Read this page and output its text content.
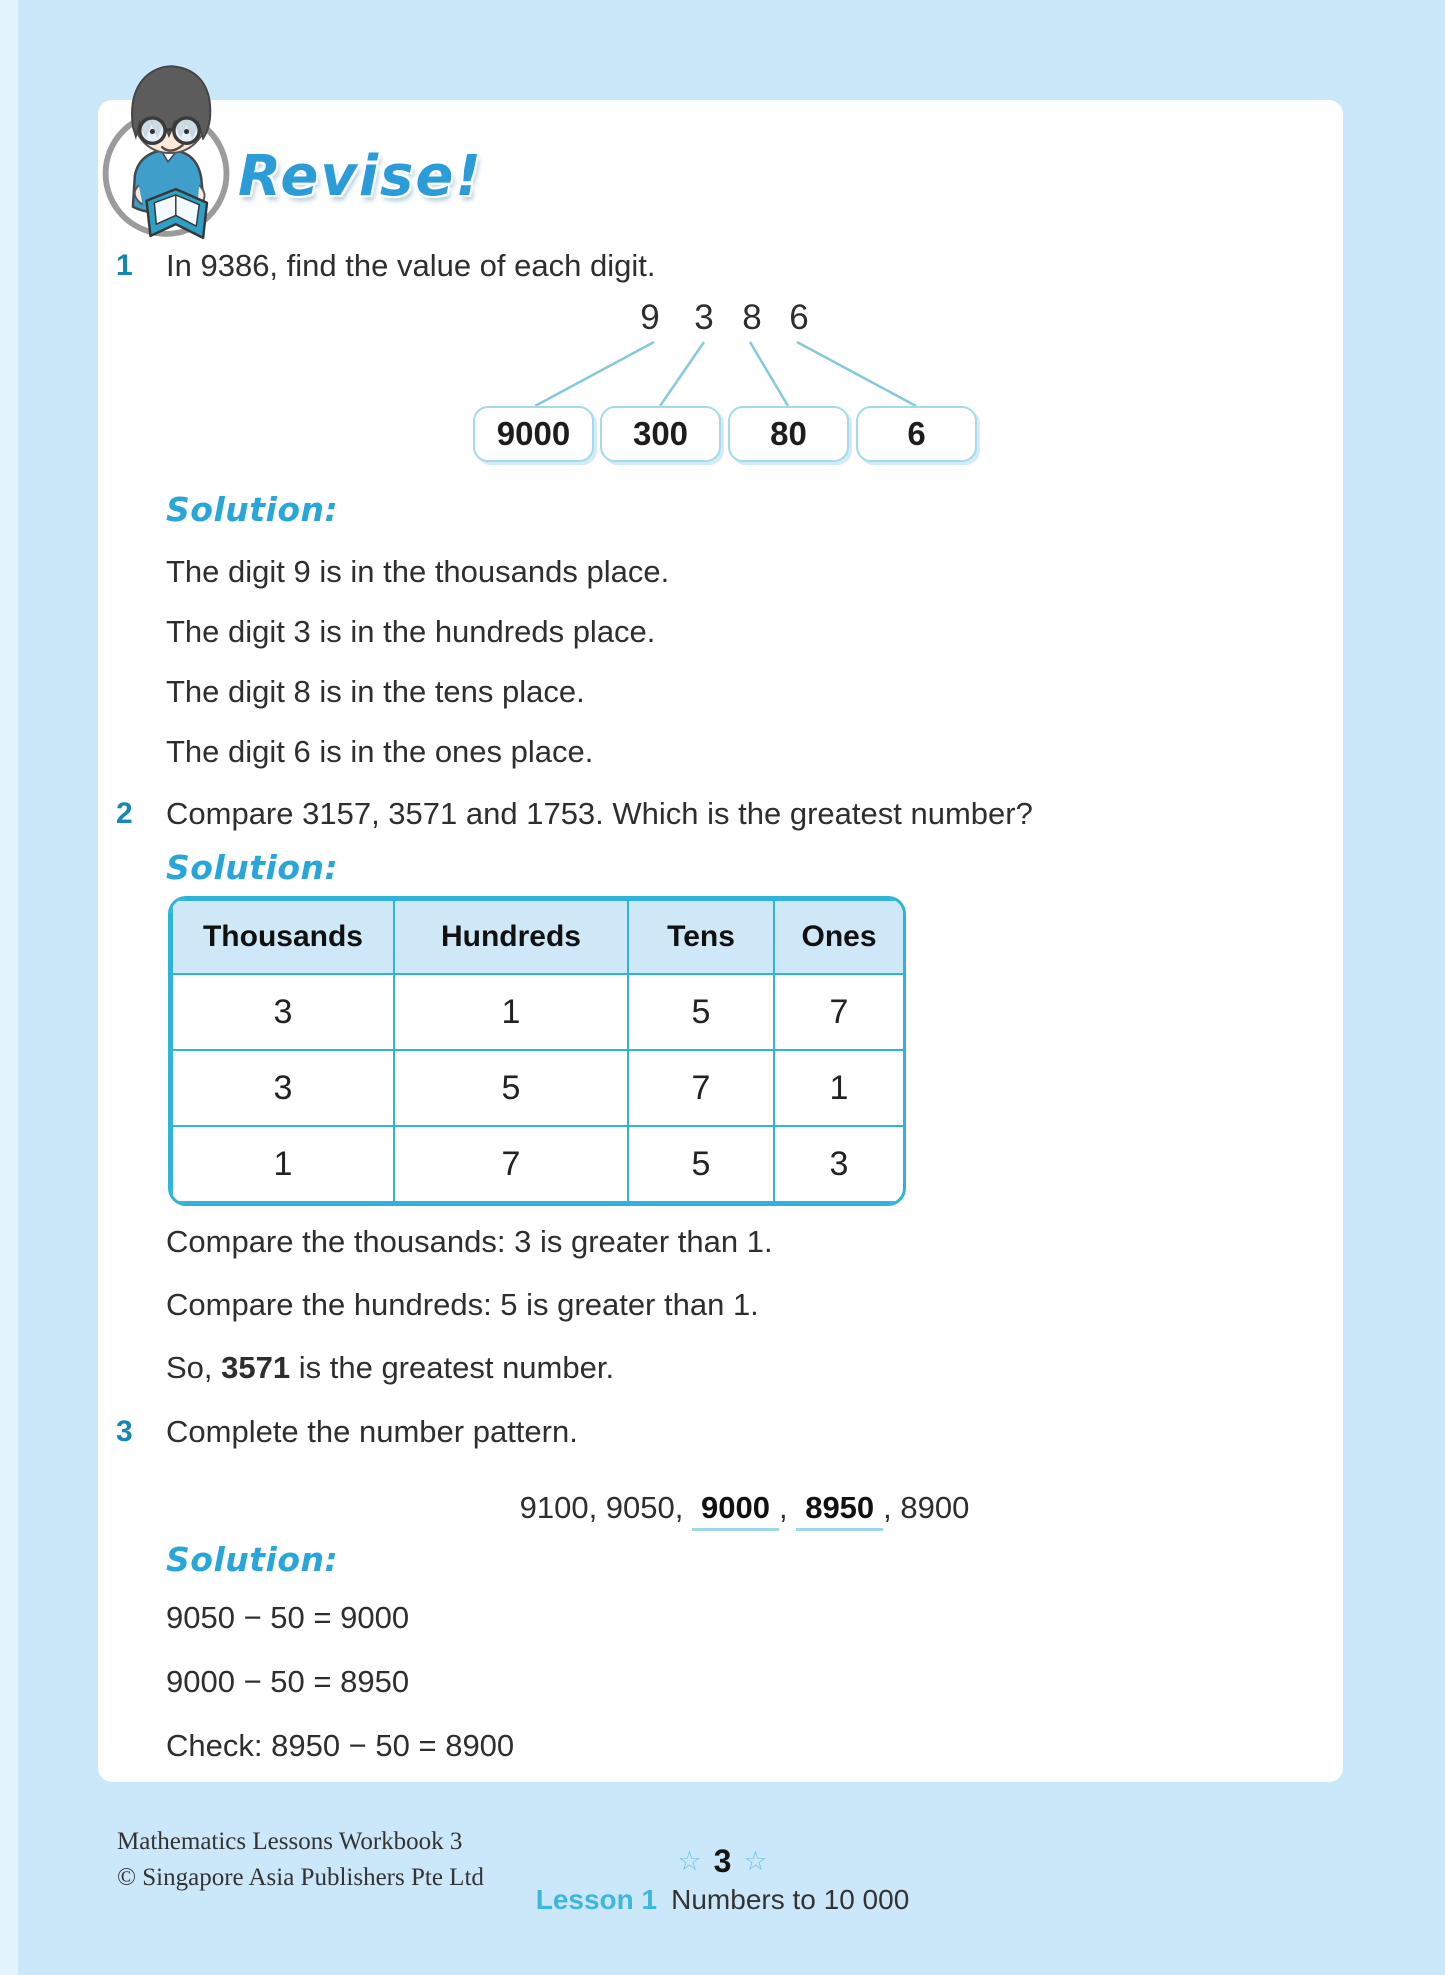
Revise!
1	In 9386, find the value of each digit.
9 3 8 6
9000	300	80	6
Solution:
The digit 9 is in the thousands place.
The digit 3 is in the hundreds place.
The digit 8 is in the tens place.
The digit 6 is in the ones place.
2	Compare 3157, 3571 and 1753. Which is the greatest number?
Solution:
Thousands	Hundreds	Tens	Ones
3	1	5	7
3	5	7	1
1	7	5	3
Compare the thousands: 3 is greater than 1.
Compare the hundreds: 5 is greater than 1.
So, 3571 is the greatest number.
3	Complete the number pattern.
9100, 9050, 9000 , 8950 , 8900
Solution:
9050 − 50 = 9000
9000 − 50 = 8950
Check: 8950 − 50 = 8900
Mathematics Lessons Workbook 3
© Singapore Asia Publishers Pte Ltd
☆ 3 ☆
Lesson 1 Numbers to 10 000
